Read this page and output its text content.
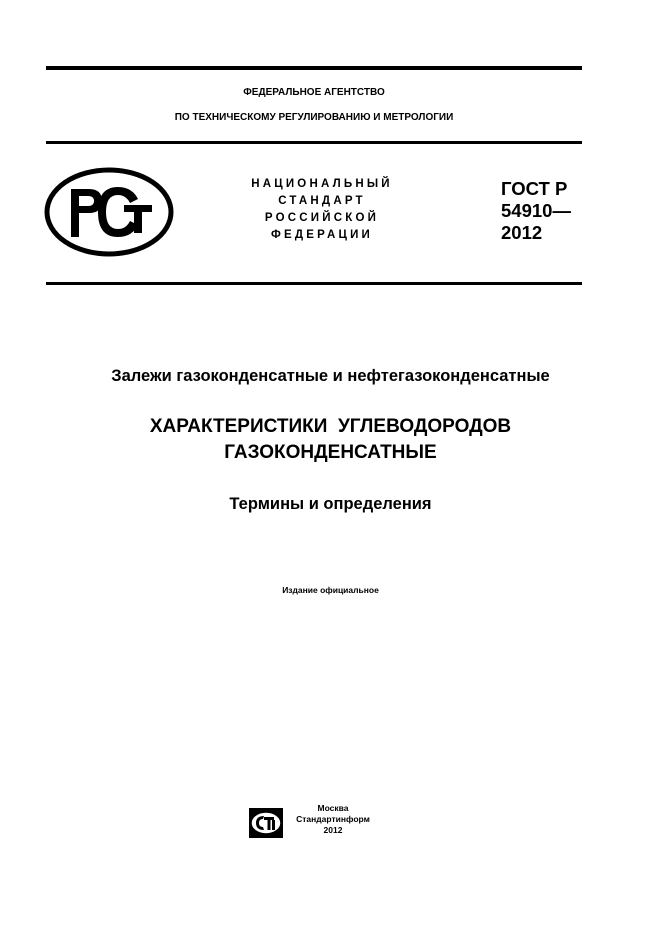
ФЕДЕРАЛЬНОЕ АГЕНТСТВО
ПО ТЕХНИЧЕСКОМУ РЕГУЛИРОВАНИЮ И МЕТРОЛОГИИ
НАЦИОНАЛЬНЫЙ
СТАНДАРТ
РОССИЙСКОЙ
ФЕДЕРАЦИИ
ГОСТ Р
54910—
2012
Залежи газоконденсатные и нефтегазоконденсатные
ХАРАКТЕРИСТИКИ  УГЛЕВОДОРОДОВ
ГАЗОКОНДЕНСАТНЫЕ
Термины и определения
Издание официальное
Москва
Стандартинформ
2012
